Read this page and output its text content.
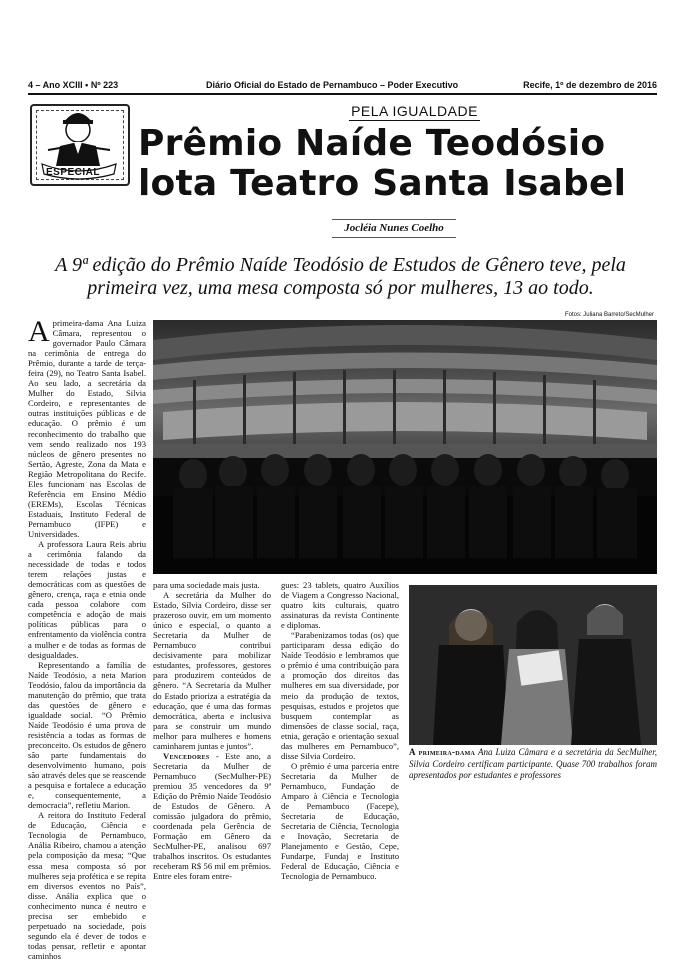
4 – Ano XCIII • Nº 223	Diário Oficial do Estado de Pernambuco – Poder Executivo	Recife, 1º de dezembro de 2016
ESPECIAL
PELA IGUALDADE
Prêmio Naíde Teodósio
lota Teatro Santa Isabel
Jocléia Nunes Coelho
A 9ª edição do Prêmio Naíde Teodósio de Estudos de Gênero teve, pela primeira vez, uma mesa composta só por mulheres, 13 ao todo.
Fotos: Juliana Barreto/SecMulher
A primeira-dama Ana Luiza Câmara e a secretária da SecMulher, Silvia Cordeiro certificam participante. Quase 700 trabalhos foram apresentados por estudantes e professores

Aprimeira-dama Ana Luiza Câmara, representou o governador Paulo Câmara na cerimônia de entrega do Prêmio, durante a tarde de terça-feira (29), no Teatro Santa Isabel. Ao seu lado, a secretária da Mulher do Estado, Silvia Cordeiro, e representantes de outras instituições públicas e de educação. O prêmio é um reconhecimento do trabalho que vem sendo realizado nos 193 núcleos de gênero presentes no Sertão, Agreste, Zona da Mata e Região Metropolitana do Recife. Eles funcionam nas Escolas de Referência em Ensino Médio (EREMs), Escolas Técnicas Estaduais, Instituto Federal de Pernambuco (IFPE) e Universidades.

A professora Laura Reis abriu a cerimônia falando da necessidade de todas e todos terem relações justas e democráticas com as questões de gênero, crença, raça e etnia onde cada pessoa colabore com competência e adoção de mais políticas públicas para o enfrentamento da violência contra a mulher e de todas as formas de desigualdades.

Representando a família de Naíde Teodósio, a neta Marion Teodósio, falou da importância da manutenção do prêmio, que trata das questões de gênero e igualdade social. “O Prêmio Naíde Teodósio é uma prova de resistência a todas as formas de preconceito. Os estudos de gênero são parte fundamentais do desenvolvimento humano, pois são através deles que se reascende a pesquisa e fortalece a educação e, consequentemente, a democracia”, refletiu Marion.

A reitora do Instituto Federal de Educação, Ciência e Tecnologia de Pernambuco, Anália Ribeiro, chamou a atenção pela composição da mesa; “Que essa mesa composta só por mulheres seja profética e se repita em diversos eventos no País”, disse. Anália explica que o conhecimento nunca é neutro e precisa ser embebido e perpetuado na sociedade, pois segundo ela é dever de todos e todas pensar, refletir e apontar caminhos

para uma sociedade mais justa.

A secretária da Mulher do Estado, Sílvia Cordeiro, disse ser prazeroso ouvir, em um momento único e especial, o quanto a Secretaria da Mulher de Pernambuco contribui decisivamente para mobilizar estudantes, professores, gestores para produzirem conteúdos de gênero. “A Secretaria da Mulher do Estado prioriza a estratégia da educação, que é uma das formas democrática, aberta e inclusiva para se construir um mundo melhor para mulheres e homens caminharem juntas e juntos”.

Vencedores - Este ano, a Secretaria da Mulher de Pernambuco (SecMulher-PE) premiou 35 vencedores da 9ª Edição do Prêmio Naíde Teodósio de Estudos de Gênero. A comissão julgadora do prêmio, coordenada pela Gerência de Formação em Gênero da SecMulher-PE, analisou 697 trabalhos inscritos. Os estudantes receberam R$ 56 mil em prêmios. Entre eles foram entre-

gues: 23 tablets, quatro Auxílios de Viagem a Congresso Nacional, quatro kits culturais, quatro assinaturas da revista Continente e diplomas.

“Parabenizamos todas (os) que participaram dessa edição do Naíde Teodósio e lembramos que o prêmio é uma contribuição para a promoção dos direitos das mulheres em sua diversidade, por meio da produção de textos, pesquisas, estudos e projetos que busquem contemplar as dimensões de classe social, raça, etnia, geração e orientação sexual das mulheres em Pernambuco”, disse Silvia Cordeiro.

O prêmio é uma parceria entre Secretaria da Mulher de Pernambuco, Fundação de Amparo à Ciência e Tecnologia de Pernambuco (Facepe), Secretaria de Educação, Secretaria de Ciência, Tecnologia e Inovação, Secretaria de Planejamento e Gestão, Cepe, Fundarpe, Fundaj e Instituto Federal de Educação, Ciência e Tecnologia de Pernambuco.
